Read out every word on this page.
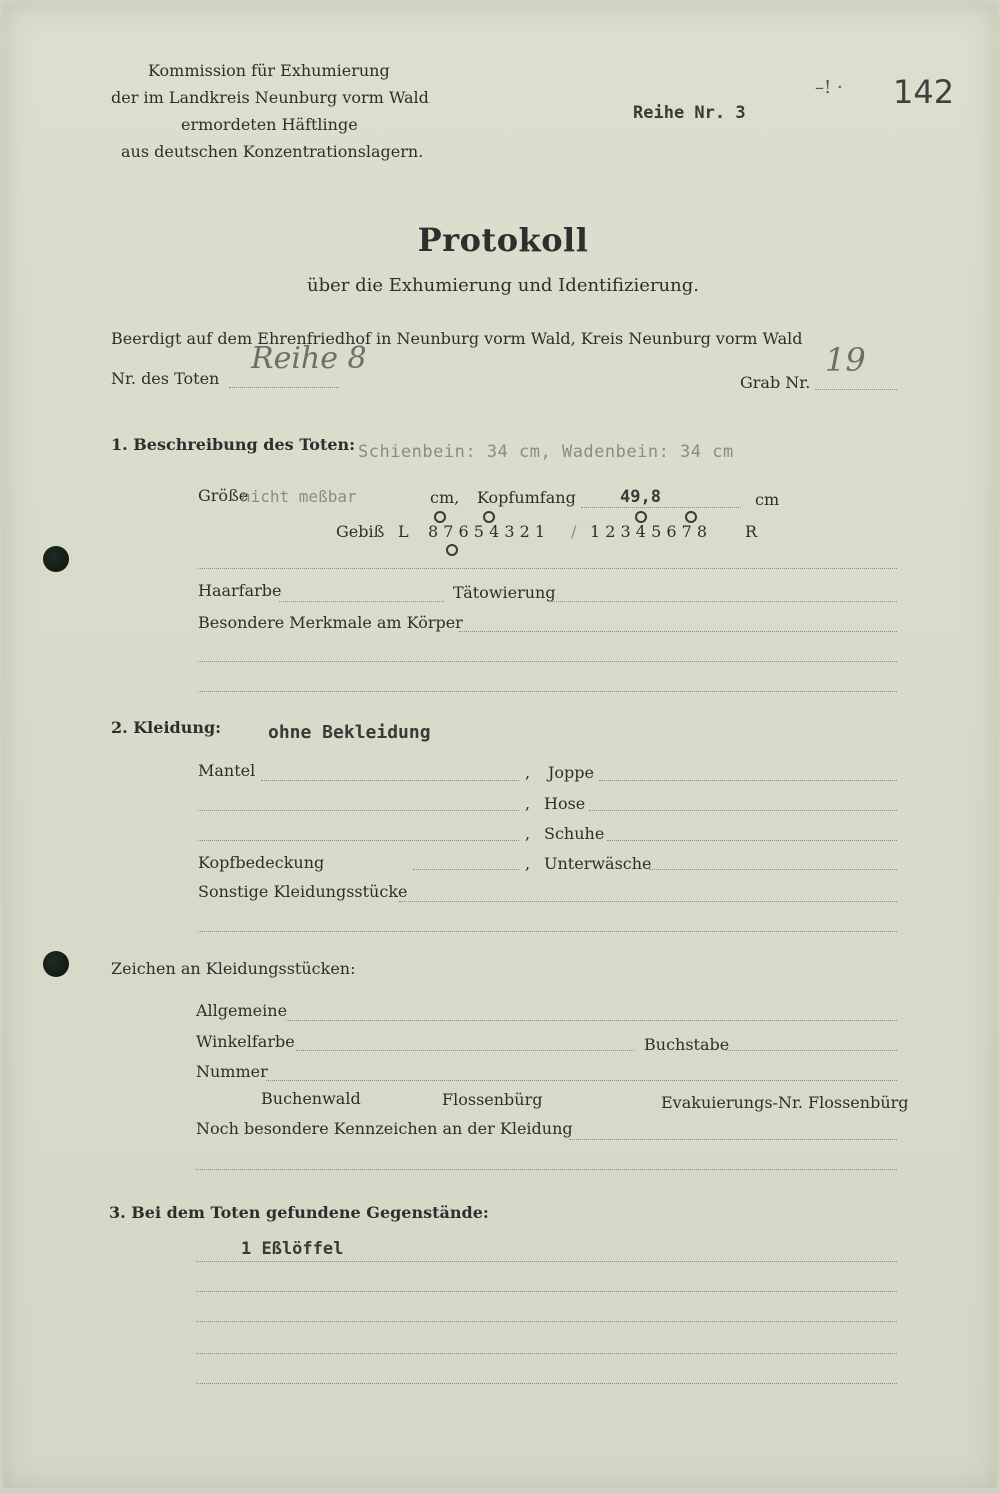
Kommission für Exhumierung
der im Landkreis Neunburg vorm Wald
ermordeten Häftlinge
aus deutschen Konzentrationslagern.
Reihe Nr. 3
–! · 142
Protokoll
über die Exhumierung und Identifizierung.
Beerdigt auf dem Ehrenfriedhof in Neunburg vorm Wald, Kreis Neunburg vorm Wald
Nr. des Toten
Reihe 8
Grab Nr.
19
1. Beschreibung des Toten: Schienbein: 34 cm, Wadenbein: 34 cm
Größe
nicht meßbar	cm, Kopfumfang	49,8	cm
Gebiß L 8 7 6 5 4 3 2 1 / 1 2 3 4 5 6 7 8 R
Haarfarbe	Tätowierung
Besondere Merkmale am Körper
2. Kleidung:	ohne Bekleidung
Mantel	, Joppe
, Hose
, Schuhe
Kopfbedeckung	, Unterwäsche
Sonstige Kleidungsstücke
Zeichen an Kleidungsstücken:
Allgemeine
Winkelfarbe	Buchstabe
Nummer
Buchenwald	Flossenbürg	Evakuierungs-Nr. Flossenbürg
Noch besondere Kennzeichen an der Kleidung
3. Bei dem Toten gefundene Gegenstände:
1 Eßlöffel
